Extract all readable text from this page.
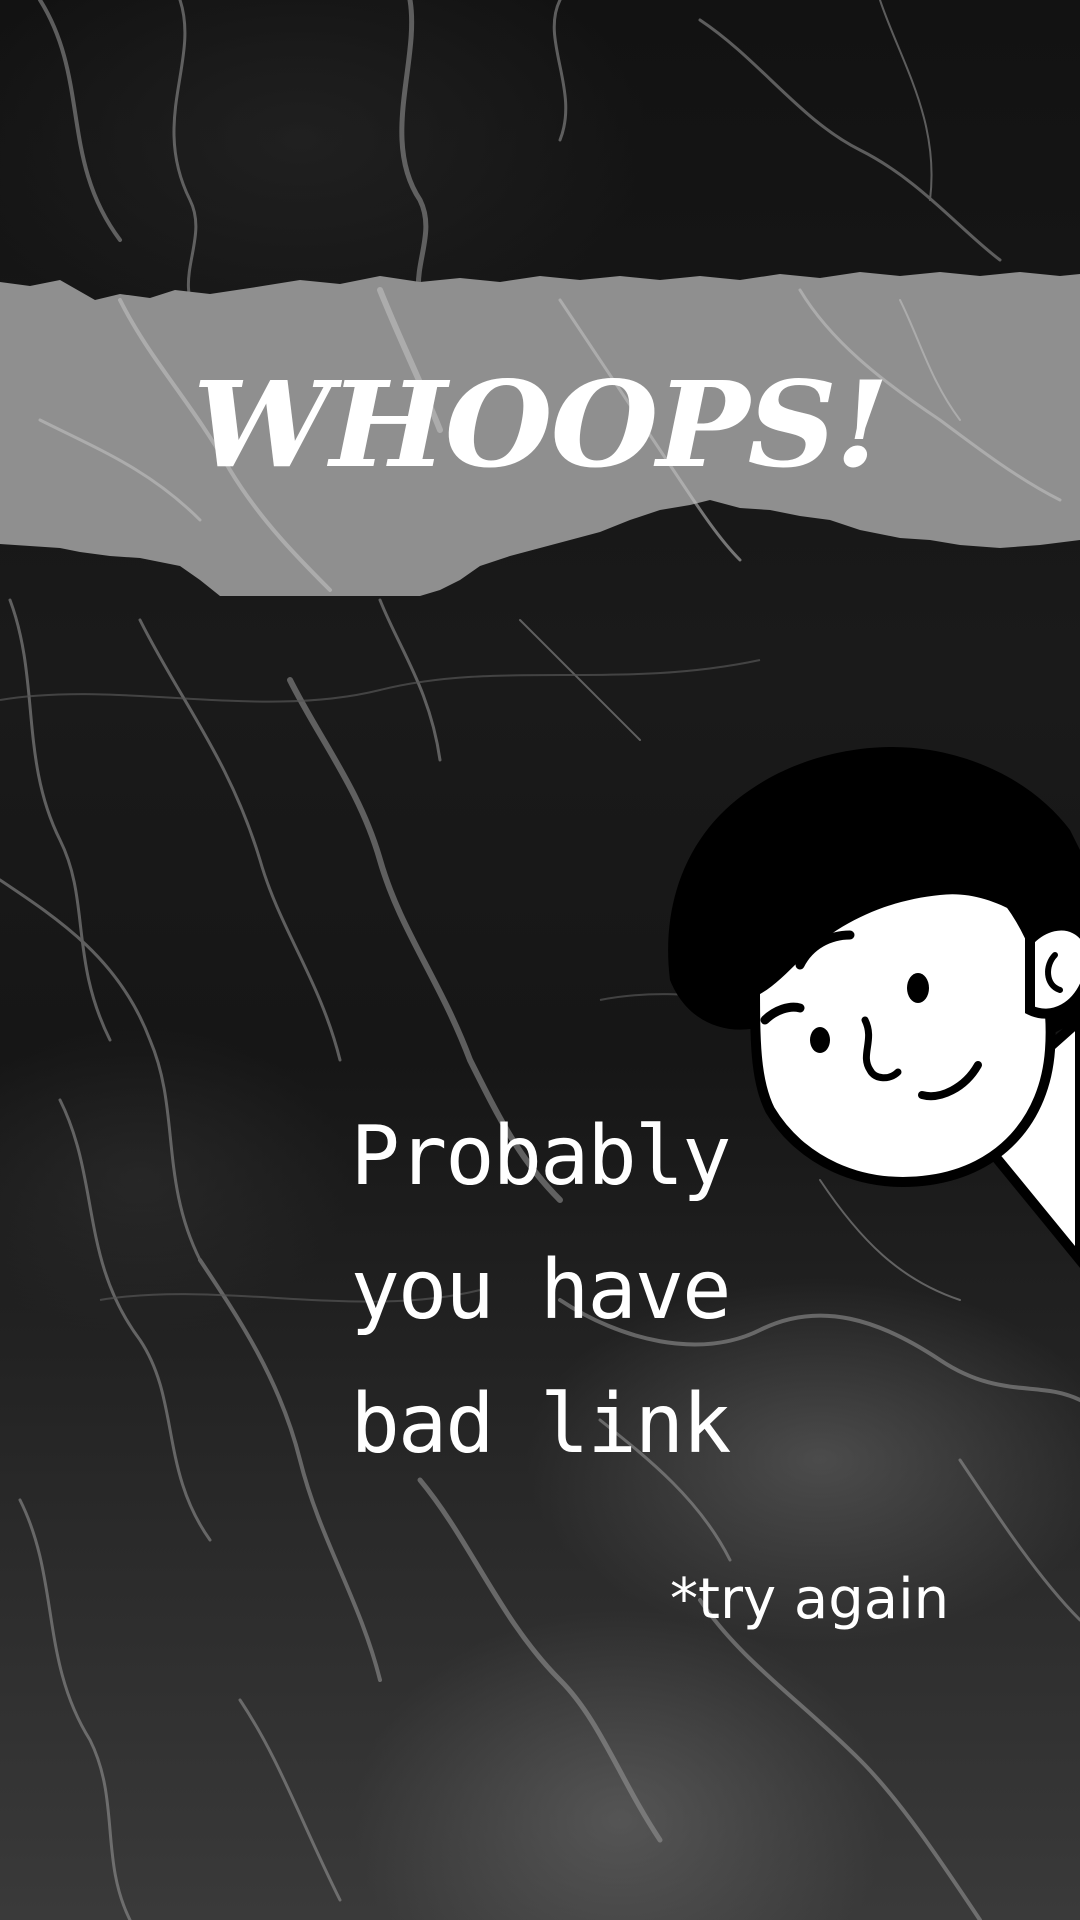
WHOOPS!
Probably
you have
bad link
*try again
